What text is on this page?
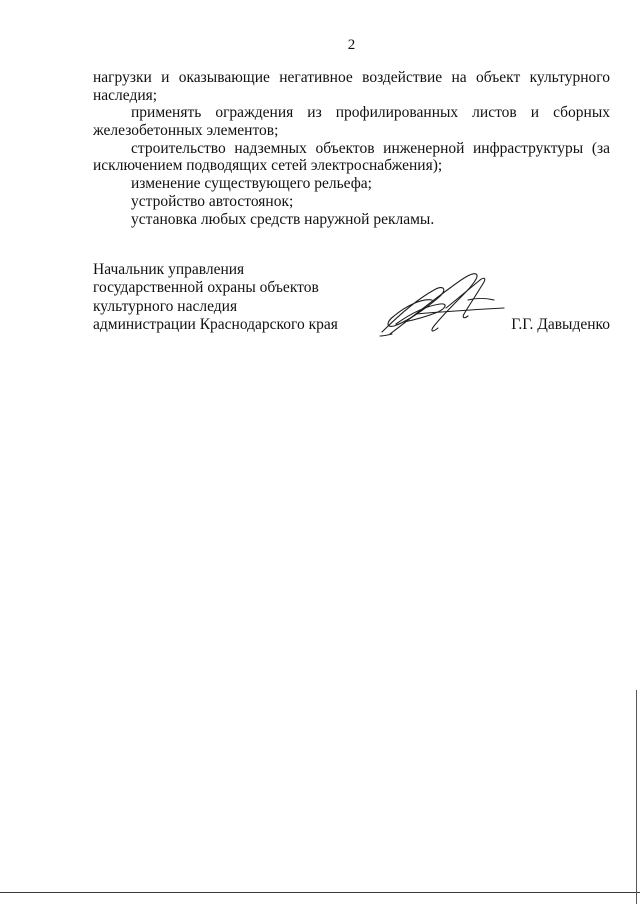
2
нагрузки и оказывающие негативное воздействие на объект культурного
наследия;
применять ограждения из профилированных листов и сборных
железобетонных элементов;
строительство надземных объектов инженерной инфраструктуры (за
исключением подводящих сетей электроснабжения);
изменение существующего рельефа;
устройство автостоянок;
установка любых средств наружной рекламы.
Начальник управления
государственной охраны объектов
культурного наследия
администрации Краснодарского края	Г.Г. Давыденко
